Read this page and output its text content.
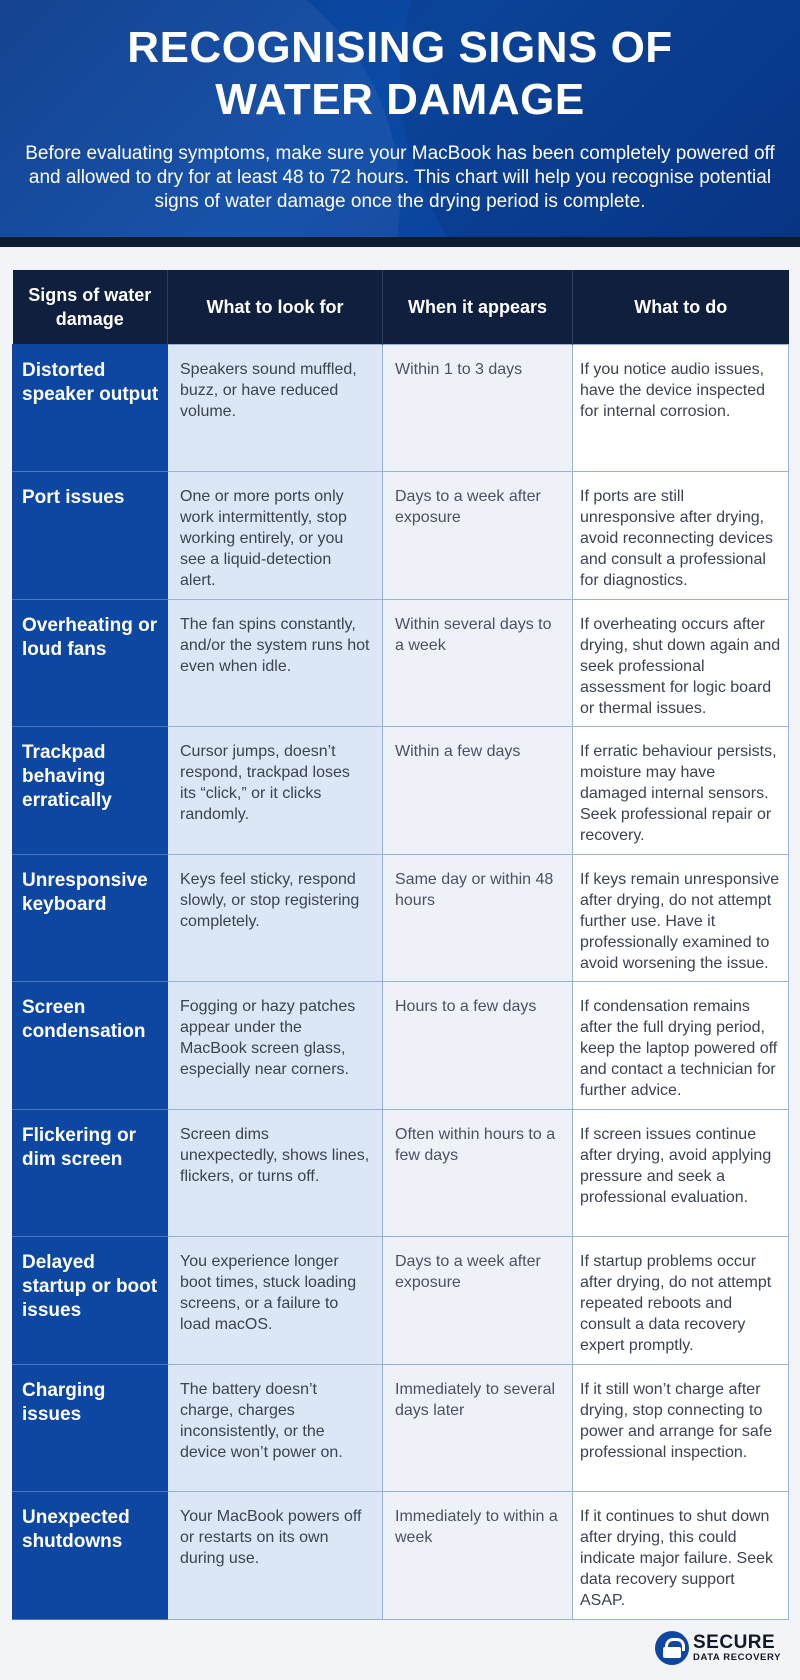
RECOGNISING SIGNS OF
WATER DAMAGE

Before evaluating symptoms, make sure your MacBook has been completely powered off and allowed to dry for at least 48 to 72 hours. This chart will help you recognise potential signs of water damage once the drying period is complete.

Signs of water damage	What to look for	When it appears	What to do
Distorted speaker output	Speakers sound muffled, buzz, or have reduced volume.	Within 1 to 3 days	If you notice audio issues, have the device inspected for internal corrosion.
Port issues	One or more ports only work intermittently, stop working entirely, or you see a liquid-detection alert.	Days to a week after exposure	If ports are still unresponsive after drying, avoid reconnecting devices and consult a professional for diagnostics.
Overheating or loud fans	The fan spins constantly, and/or the system runs hot even when idle.	Within several days to a week	If overheating occurs after drying, shut down again and seek professional assessment for logic board or thermal issues.
Trackpad behaving erratically	Cursor jumps, doesn’t respond, trackpad loses its “click,” or it clicks randomly.	Within a few days	If erratic behaviour persists, moisture may have damaged internal sensors. Seek professional repair or recovery.
Unresponsive keyboard	Keys feel sticky, respond slowly, or stop registering completely.	Same day or within 48 hours	If keys remain unresponsive after drying, do not attempt further use. Have it professionally examined to avoid worsening the issue.
Screen condensation	Fogging or hazy patches appear under the MacBook screen glass, especially near corners.	Hours to a few days	If condensation remains after the full drying period, keep the laptop powered off and contact a technician for further advice.
Flickering or dim screen	Screen dims unexpectedly, shows lines, flickers, or turns off.	Often within hours to a few days	If screen issues continue after drying, avoid applying pressure and seek a professional evaluation.
Delayed startup or boot issues	You experience longer boot times, stuck loading screens, or a failure to load macOS.	Days to a week after exposure	If startup problems occur after drying, do not attempt repeated reboots and consult a data recovery expert promptly.
Charging issues	The battery doesn’t charge, charges inconsistently, or the device won’t power on.	Immediately to several days later	If it still won’t charge after drying, stop connecting to power and arrange for safe professional inspection.
Unexpected shutdowns	Your MacBook powers off or restarts on its own during use.	Immediately to within a week	If it continues to shut down after drying, this could indicate major failure. Seek data recovery support ASAP.
SECURE
DATA RECOVERY
